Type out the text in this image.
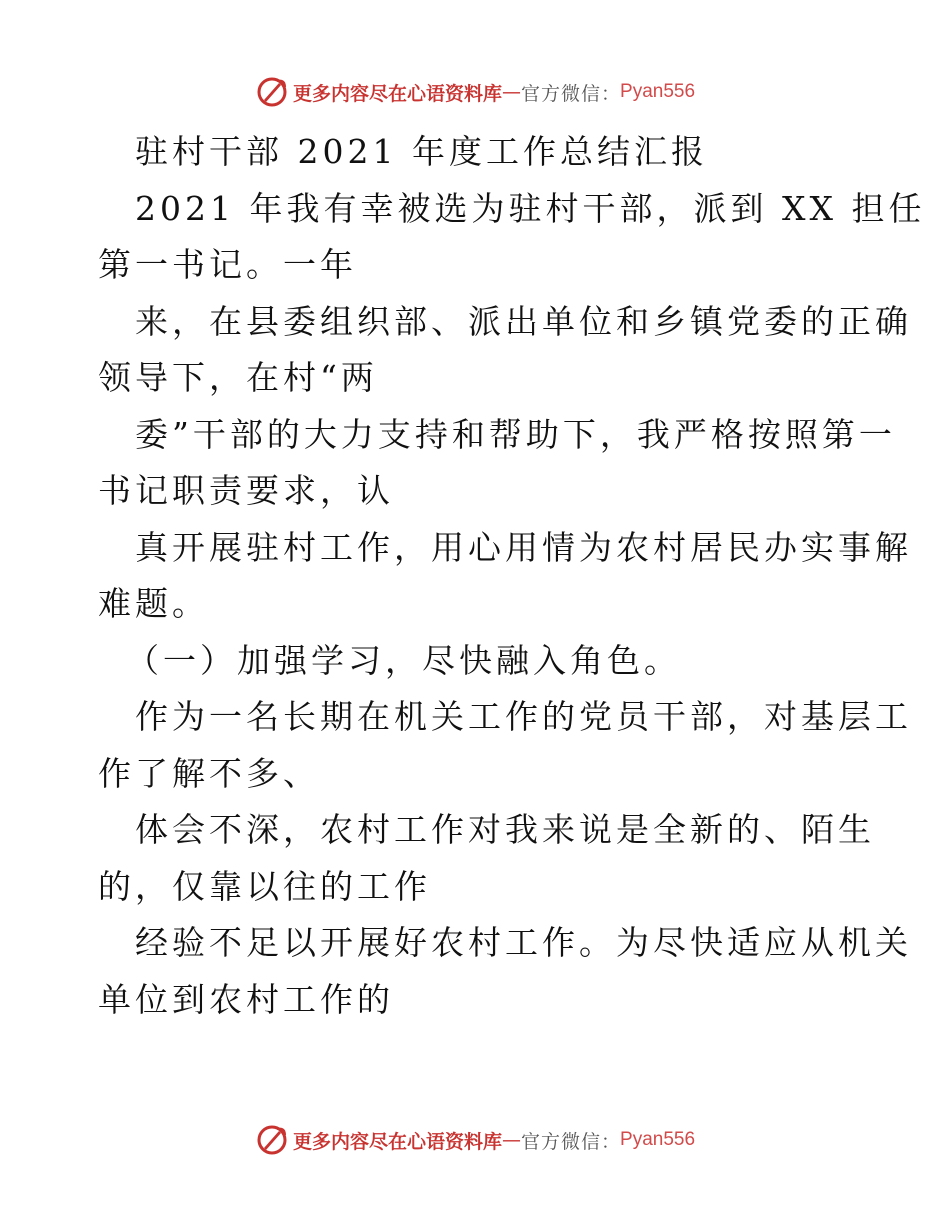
更多内容尽在心语资料库 — 官方微信 ： Pyan556
驻村干部 2021 年度工作总结汇报
2021 年我有幸被选为驻村干部，派到 XX 担任
第一书记。一年
来，在县委组织部、派出单位和乡镇党委的正确
领导下，在村“两
委”干部的大力支持和帮助下，我严格按照第一
书记职责要求，认
真开展驻村工作，用心用情为农村居民办实事解
难题。
（一）加强学习，尽快融入角色。
作为一名长期在机关工作的党员干部，对基层工
作了解不多、
体会不深，农村工作对我来说是全新的、陌生
的，仅靠以往的工作
经验不足以开展好农村工作。为尽快适应从机关
单位到农村工作的
更多内容尽在心语资料库 — 官方微信 ： Pyan556
